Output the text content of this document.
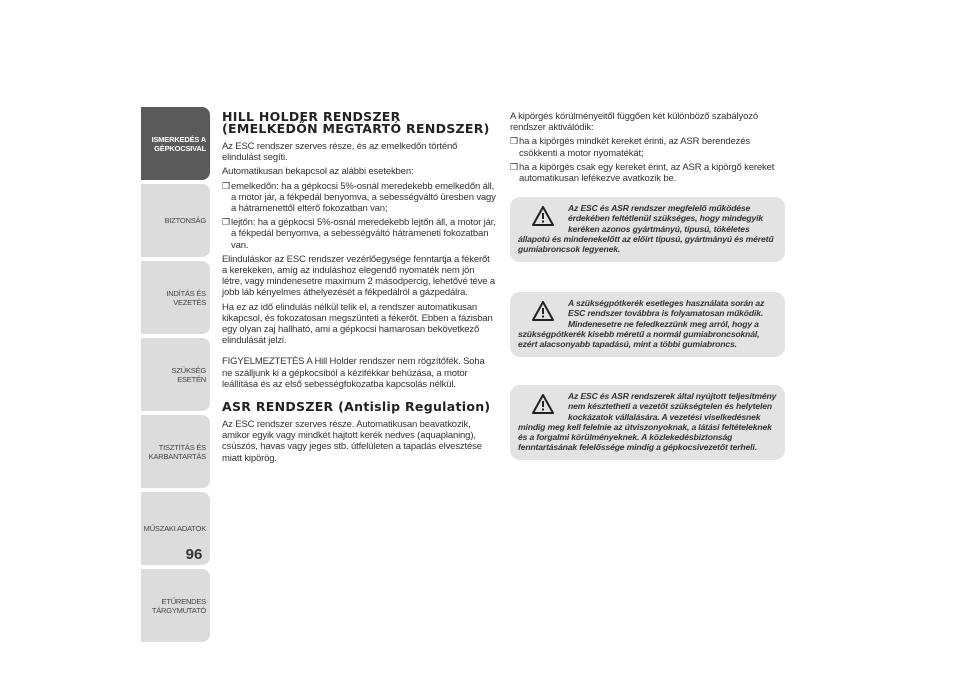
ISMERKEDÉS A
GÉPKOCSIVAL
BIZTONSÁG
INDÍTÁS ÉS VEZETÉS
SZÜKSÉG ESETÉN
TISZTÍTÁS ÉS
KARBANTARTÁS
MŰSZAKI ADATOK
ETŰRENDES
TÁRGYMUTATÓ
96
HILL HOLDER RENDSZER
(EMELKEDŐN MEGTARTÓ RENDSZER)

Az ESC rendszer szerves része, és az emelkedőn történő elindulást segíti.

Automatikusan bekapcsol az alábbi esetekben:

❒ emelkedőn: ha a gépkocsi 5%-osnál meredekebb emelkedőn áll, a motor jár, a fékpedál benyomva, a sebességváltó üresben vagy a hátramenettől eltérő fokozatban van;
❒ lejtőn: ha a gépkocsi 5%-osnál meredekebb lejtőn áll, a motor jár, a fékpedál benyomva, a sebességváltó hátrameneti fokozatban van.

Elinduláskor az ESC rendszer vezérlőegysége fenntartja a fékerőt a kerekeken, amíg az induláshoz elegendő nyomaték nem jön létre, vagy mindenesetre maximum 2 másodpercig, lehetővé téve a jobb láb kényelmes áthelyezését a fékpedálról a gázpedálra.

Ha ez az idő elindulás nélkül telik el, a rendszer automatikusan kikapcsol, és fokozatosan megszünteti a fékerőt. Ebben a fázisban egy olyan zaj hallható, ami a gépkocsi hamarosan bekövetkező elindulását jelzi.

FIGYELMEZTETÉS A Hill Holder rendszer nem rögzítőfék. Soha ne szálljunk ki a gépkocsiból a kézifékkar behúzása, a motor leállítása és az első sebességfokozatba kapcsolás nélkül.

ASR RENDSZER (Antislip Regulation)

Az ESC rendszer szerves része. Automatikusan beavatkozik, amikor egyik vagy mindkét hajtott kerék nedves (aquaplaning), csúszós, havas vagy jeges stb. útfelületen a tapadás elvesztése miatt kipörög.

A kipörgés körülményeitől függően két különböző szabályozó rendszer aktiválódik:

❒ ha a kipörgés mindkét kereket érinti, az ASR berendezés csökkenti a motor nyomatékát;
❒ ha a kipörgés csak egy kereket érint, az ASR a kipörgő kereket automatikusan lefékezve avatkozik be.
Az ESC és ASR rendszer megfelelő működése érdekében feltétlenül szükséges, hogy mindegyik keréken azonos gyártmányú, típusú, tökéletes
állapotú és mindenekelőtt az előírt típusú, gyártmányú és méretű gumiabroncsok legyenek.
A szükségpótkerék esetleges használata során az ESC rendszer továbbra is folyamatosan működik. Mindenesetre ne feledkezzünk meg arról, hogy a
szükségpótkerék kisebb méretű a normál gumiabroncsoknál, ezért alacsonyabb tapadású, mint a többi gumiabroncs.
Az ESC és ASR rendszerek által nyújtott teljesítmény nem késztetheti a vezetőt szükségtelen és helytelen kockázatok vállalására. A vezetési viselkedésnek
mindig meg kell felelnie az útviszonyoknak, a látási feltételeknek és a forgalmi körülményeknek. A közlekedésbiztonság fenntartásának felelőssége mindig a gépkocsivezetőt terheli.
